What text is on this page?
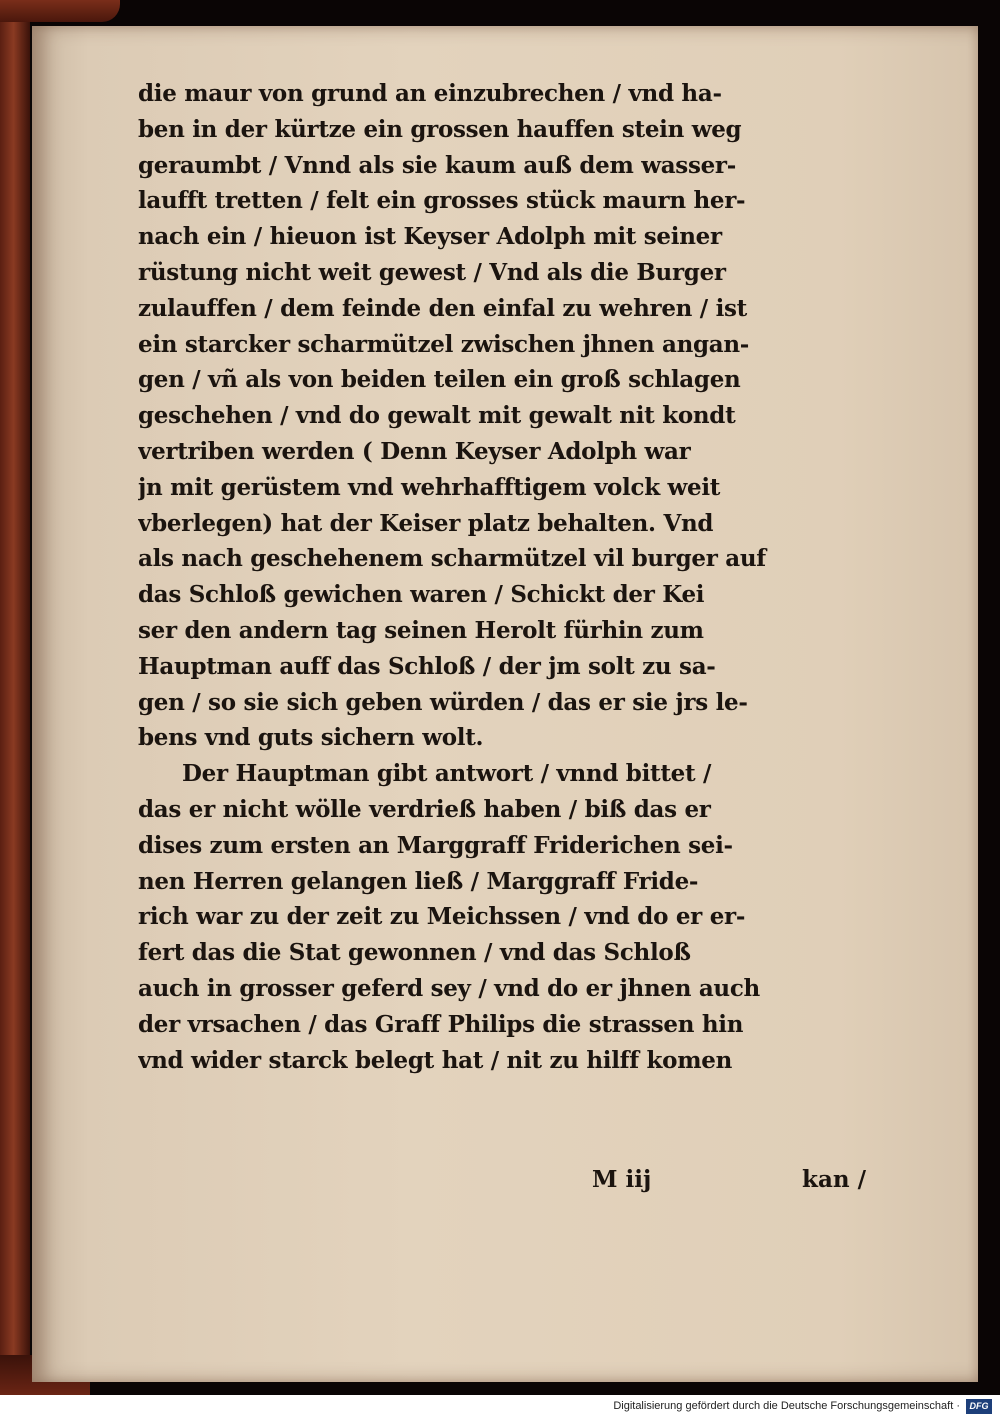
die maur von grund an einzubrechen / vnd ha-
ben in der kürtze ein grossen hauffen stein weg
geraumbt / Vnnd als sie kaum auß dem wasser-
laufft tretten / felt ein grosses stück maurn her-
nach ein / hieuon ist Keyser Adolph mit seiner
rüstung nicht weit gewest / Vnd als die Burger
zulauffen / dem feinde den einfal zu wehren / ist
ein starcker scharmützel zwischen jhnen angan-
gen / vñ als von beiden teilen ein groß schlagen
geschehen / vnd do gewalt mit gewalt nit kondt
vertriben werden ( Denn Keyser Adolph war
jn mit gerüstem vnd wehrhafftigem volck weit
vberlegen) hat der Keiser platz behalten. Vnd
als nach geschehenem scharmützel vil burger auf
das Schloß gewichen waren / Schickt der Kei
ser den andern tag seinen Herolt fürhin zum
Hauptman auff das Schloß / der jm solt zu sa-
gen / so sie sich geben würden / das er sie jrs le-
bens vnd guts sichern wolt.
Der Hauptman gibt antwort / vnnd bittet /
das er nicht wölle verdrieß haben / biß das er
dises zum ersten an Marggraff Friderichen sei-
nen Herren gelangen ließ / Marggraff Fride-
rich war zu der zeit zu Meichssen / vnd do er er-
fert das die Stat gewonnen / vnd das Schloß
auch in grosser geferd sey / vnd do er jhnen auch
der vrsachen / das Graff Philips die strassen hin
vnd wider starck belegt hat / nit zu hilff komen
M iij	kan /
Digitalisierung gefördert durch die Deutsche Forschungsgemeinschaft ·	DFG
